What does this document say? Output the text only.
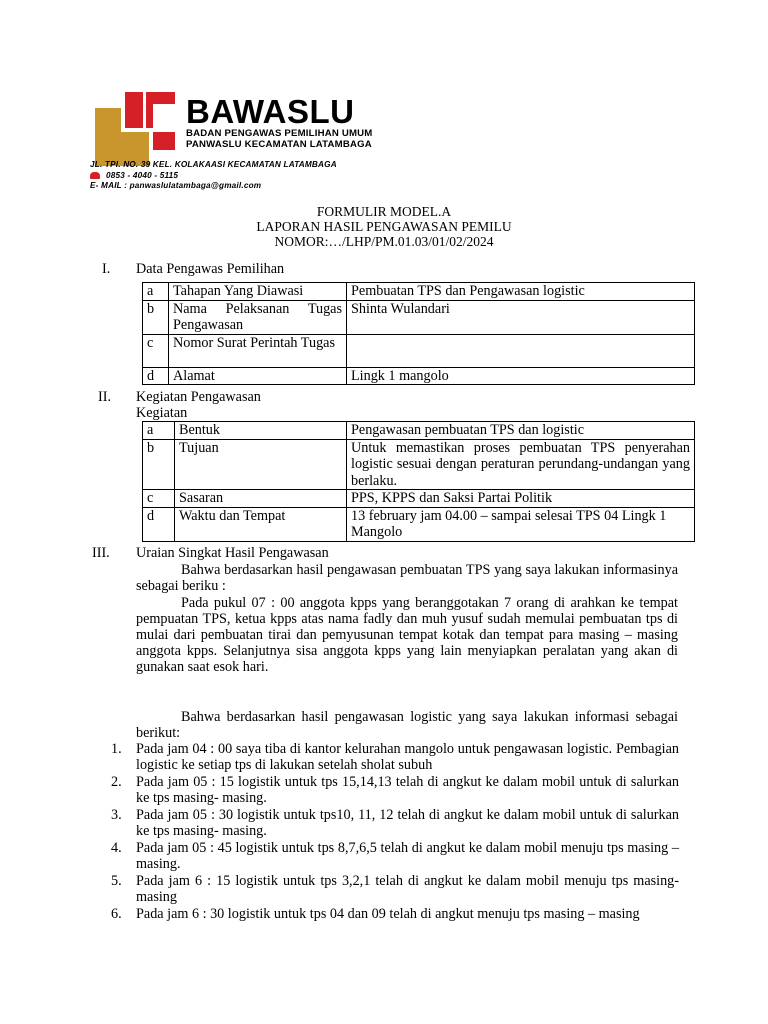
BAWASLU
BADAN PENGAWAS PEMILIHAN UMUM
PANWASLU KECAMATAN LATAMBAGA
JL. TPI. NO. 39 KEL. KOLAKAASI KECAMATAN LATAMBAGA
0853 - 4040 - 5115
E- MAIL : panwaslulatambaga@gmail.com
FORMULIR MODEL.A
LAPORAN HASIL PENGAWASAN PEMILU
NOMOR:…/LHP/PM.01.03/01/02/2024
I. Data Pengawas Pemilihan
a	Tahapan Yang Diawasi	Pembuatan TPS dan Pengawasan logistic
b	Nama Pelaksanan Tugas Pengawasan	Shinta Wulandari
c	Nomor Surat Perintah Tugas	
d	Alamat	Lingk 1 mangolo
II. Kegiatan Pengawasan
Kegiatan
a	Bentuk	Pengawasan pembuatan TPS dan logistic
b	Tujuan	Untuk memastikan proses pembuatan TPS penyerahan logistic sesuai dengan peraturan perundang-undangan yang berlaku.
c	Sasaran	PPS, KPPS dan Saksi Partai Politik
d	Waktu dan Tempat	13 february jam 04.00 – sampai selesai TPS 04 Lingk 1 Mangolo
III. Uraian Singkat Hasil Pengawasan
Bahwa berdasarkan hasil pengawasan pembuatan TPS yang saya lakukan informasinya sebagai beriku :
Pada pukul 07 : 00 anggota kpps yang beranggotakan 7 orang di arahkan ke tempat pempuatan TPS, ketua kpps atas nama fadly dan muh yusuf sudah memulai pembuatan tps di mulai dari pembuatan tirai dan pemyusunan tempat kotak dan tempat para masing – masing anggota kpps. Selanjutnya sisa anggota kpps yang lain menyiapkan peralatan yang akan di gunakan saat esok hari.
Bahwa berdasarkan hasil pengawasan logistic yang saya lakukan informasi sebagai berikut:
1. Pada jam 04 : 00 saya tiba di kantor kelurahan mangolo untuk pengawasan logistic. Pembagian logistic ke setiap tps di lakukan setelah sholat subuh
2. Pada jam 05 : 15 logistik untuk tps 15,14,13 telah di angkut ke dalam mobil untuk di salurkan ke tps masing- masing.
3. Pada jam 05 : 30 logistik untuk tps10, 11, 12 telah di angkut ke dalam mobil untuk di salurkan ke tps masing- masing.
4. Pada jam 05 : 45 logistik untuk tps 8,7,6,5 telah di angkut ke dalam mobil menuju tps masing – masing.
5. Pada jam 6 : 15 logistik untuk tps 3,2,1 telah di angkut ke dalam mobil menuju tps masing- masing
6. Pada jam 6 : 30 logistik untuk tps 04 dan 09 telah di angkut menuju tps masing – masing
